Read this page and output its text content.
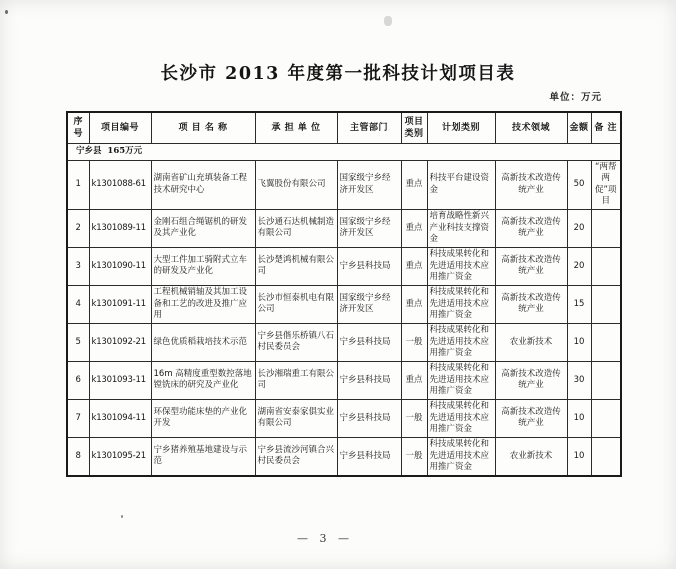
长沙市 2013 年度第一批科技计划项目表
单位：万元
序号	项目编号	项 目 名 称	承 担 单 位	主管部门	项目 类别	计划类别	技术领域	金额	备 注
宁乡县  165万元									
1	k1301088-61	湖南省矿山充填装备工程技术研究中心	飞翼股份有限公司	国家级宁乡经济开发区	重点	科技平台建设资金	高新技术改造传统产业	50	“两帮两促”项目
2	k1301089-11	金刚石组合绳锯机的研发及其产业化	长沙通石达机械制造有限公司	国家级宁乡经济开发区	重点	培育战略性新兴产业科技支撑资金	高新技术改造传统产业	20	
3	k1301090-11	大型工件加工骑附式立车的研发及产业化	长沙楚鸿机械有限公司	宁乡县科技局	重点	科技成果转化和先进适用技术应用推广资金	高新技术改造传统产业	20	
4	k1301091-11	工程机械销轴及其加工设备和工艺的改进及推广应用	长沙市恒泰机电有限公司	国家级宁乡经济开发区	重点	科技成果转化和先进适用技术应用推广资金	高新技术改造传统产业	15	
5	k1301092-21	绿色优质稻栽培技术示范	宁乡县偕乐桥镇八石村民委员会	宁乡县科技局	一般	科技成果转化和先进适用技术应用推广资金	农业新技术	10	
6	k1301093-11	16m 高精度重型数控落地镗铣床的研究及产业化	长沙湘瑞重工有限公司	宁乡县科技局	重点	科技成果转化和先进适用技术应用推广资金	高新技术改造传统产业	30	
7	k1301094-11	环保型功能床垫的产业化开发	湖南省安泰家俱实业有限公司	宁乡县科技局	一般	科技成果转化和先进适用技术应用推广资金	高新技术改造传统产业	10	
8	k1301095-21	宁乡猪养殖基地建设与示范	宁乡县流沙河镇合兴村民委员会	宁乡县科技局	一般	科技成果转化和先进适用技术应用推广资金	农业新技术	10	
— 3 —
